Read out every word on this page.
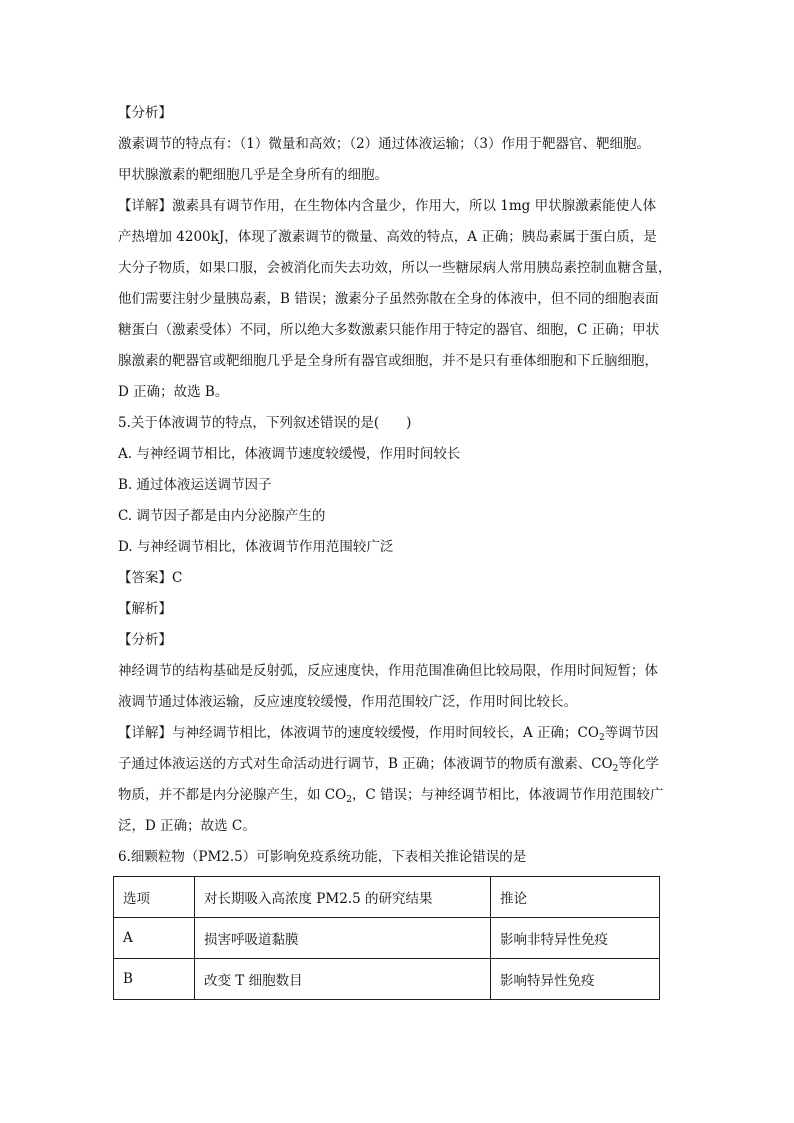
【分析】
激素调节的特点有：（1）微量和高效；（2）通过体液运输；（3）作用于靶器官、靶细胞。
甲状腺激素的靶细胞几乎是全身所有的细胞。
【详解】激素具有调节作用，在生物体内含量少，作用大，所以 1mg 甲状腺激素能使人体
产热增加 4200kJ，体现了激素调节的微量、高效的特点，A 正确；胰岛素属于蛋白质，是
大分子物质，如果口服，会被消化而失去功效，所以一些糖尿病人常用胰岛素控制血糖含量，
他们需要注射少量胰岛素，B 错误；激素分子虽然弥散在全身的体液中，但不同的细胞表面
糖蛋白（激素受体）不同，所以绝大多数激素只能作用于特定的器官、细胞，C 正确；甲状
腺激素的靶器官或靶细胞几乎是全身所有器官或细胞，并不是只有垂体细胞和下丘脑细胞，
D 正确；故选 B。
5.关于体液调节的特点，下列叙述错误的是(　　)
A. 与神经调节相比，体液调节速度较缓慢，作用时间较长
B. 通过体液运送调节因子
C. 调节因子都是由内分泌腺产生的
D. 与神经调节相比，体液调节作用范围较广泛
【答案】C
【解析】
【分析】
神经调节的结构基础是反射弧，反应速度快，作用范围准确但比较局限，作用时间短暂；体
液调节通过体液运输，反应速度较缓慢，作用范围较广泛，作用时间比较长。
【详解】与神经调节相比，体液调节的速度较缓慢，作用时间较长，A 正确；$CO_2$等调节因
子通过体液运送的方式对生命活动进行调节，B 正确；体液调节的物质有激素、$CO_2$等化学
物质，并不都是内分泌腺产生，如 $CO_2$，C 错误；与神经调节相比，体液调节作用范围较广
泛，D 正确；故选 C。
6.细颗粒物（PM2.5）可影响免疫系统功能，下表相关推论错误的是
选项	对长期吸入高浓度 PM2.5 的研究结果	推论
A	损害呼吸道黏膜	影响非特异性免疫
B	改变 T 细胞数目	影响特异性免疫
